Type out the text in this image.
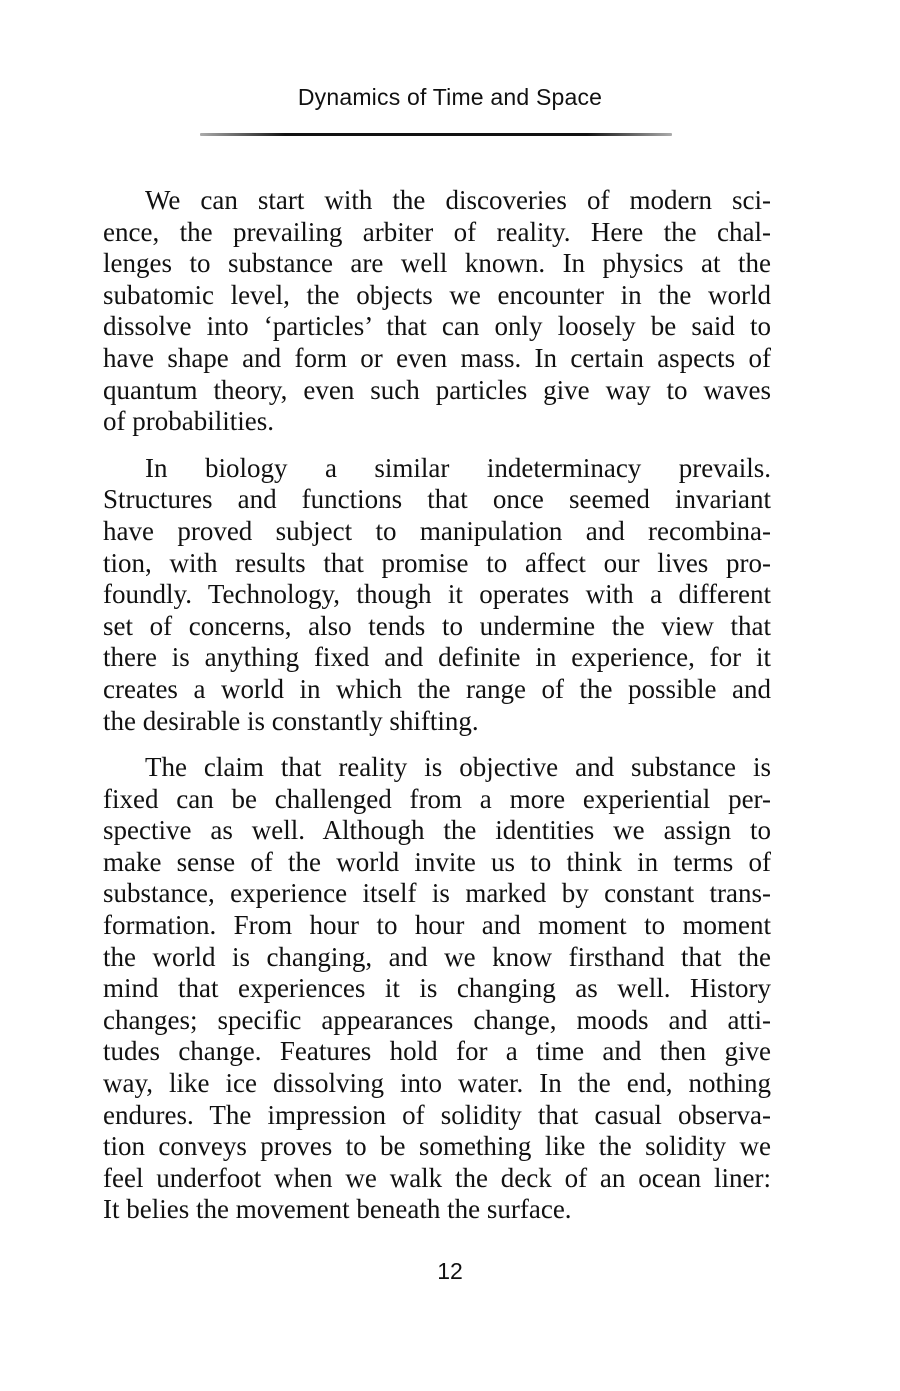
Dynamics of Time and Space
We can start with the discoveries of modern sci-
ence, the prevailing arbiter of reality. Here the chal-
lenges to substance are well known. In physics at the
subatomic level, the objects we encounter in the world
dissolve into ‘particles’ that can only loosely be said to
have shape and form or even mass. In certain aspects of
quantum theory, even such particles give way to waves
of probabilities.
In biology a similar indeterminacy prevails.
Structures and functions that once seemed invariant
have proved subject to manipulation and recombina-
tion, with results that promise to affect our lives pro-
foundly. Technology, though it operates with a different
set of concerns, also tends to undermine the view that
there is anything fixed and definite in experience, for it
creates a world in which the range of the possible and
the desirable is constantly shifting.
The claim that reality is objective and substance is
fixed can be challenged from a more experiential per-
spective as well. Although the identities we assign to
make sense of the world invite us to think in terms of
substance, experience itself is marked by constant trans-
formation. From hour to hour and moment to moment
the world is changing, and we know firsthand that the
mind that experiences it is changing as well. History
changes; specific appearances change, moods and atti-
tudes change. Features hold for a time and then give
way, like ice dissolving into water. In the end, nothing
endures. The impression of solidity that casual observa-
tion conveys proves to be something like the solidity we
feel underfoot when we walk the deck of an ocean liner:
It belies the movement beneath the surface.
12
